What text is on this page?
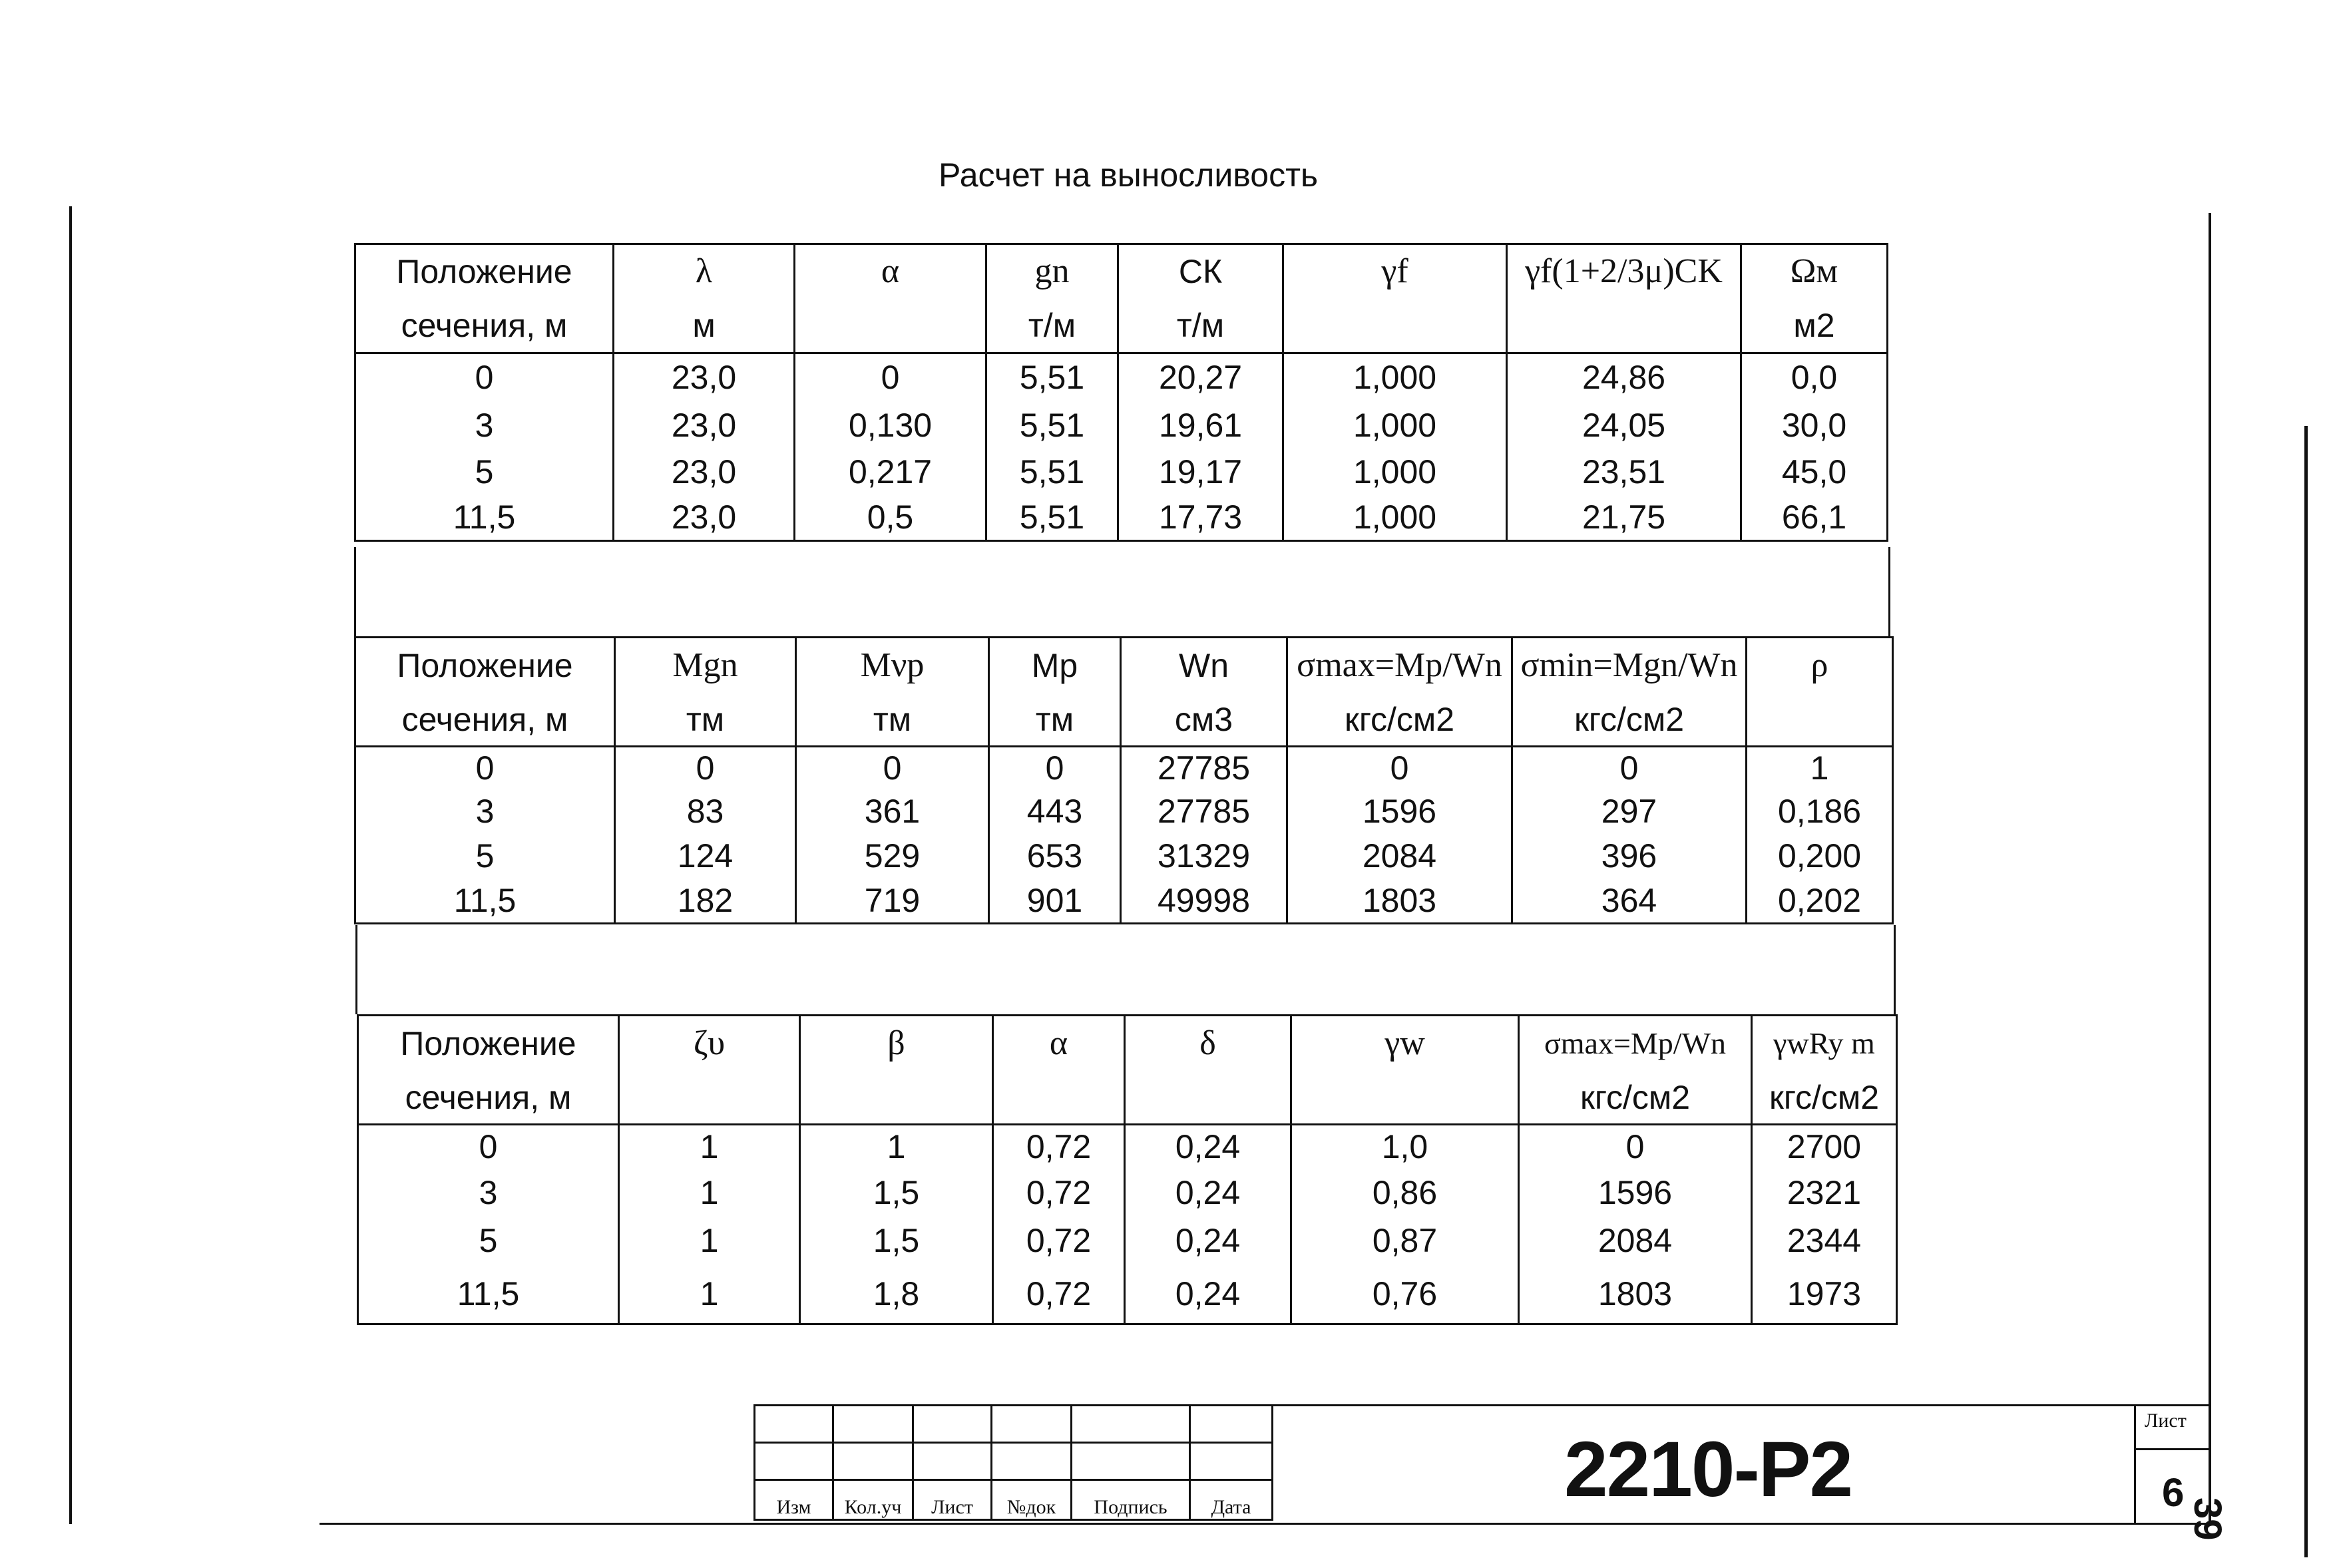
Расчет на выносливость
Положение	λ	α	gn	СК	γf	γf(1+2/3μ)CK	Ωм
сечения, м	м		т/м	т/м			м2
0	23,0	0	5,51	20,27	1,000	24,86	0,0
3	23,0	0,130	5,51	19,61	1,000	24,05	30,0
5	23,0	0,217	5,51	19,17	1,000	23,51	45,0
11,5	23,0	0,5	5,51	17,73	1,000	21,75	66,1
Положение	Mgn	Mνp	Mp	Wn	σmax=Mp/Wn	σmin=Mgn/Wn	ρ
сечения, м	тм	тм	тм	см3	кгс/см2	кгс/см2	
0	0	0	0	27785	0	0	1
3	83	361	443	27785	1596	297	0,186
5	124	529	653	31329	2084	396	0,200
11,5	182	719	901	49998	1803	364	0,202
Положение	ζυ	β	α	δ	γw	σmax=Mp/Wn	γwRy m
сечения, м						кгс/см2	кгс/см2
0	1	1	0,72	0,24	1,0	0	2700
3	1	1,5	0,72	0,24	0,86	1596	2321
5	1	1,5	0,72	0,24	0,87	2084	2344
11,5	1	1,8	0,72	0,24	0,76	1803	1973

Изм	Кол.уч	Лист	№док	Подпись	Дата	2210-Р2
Лист
6
39
